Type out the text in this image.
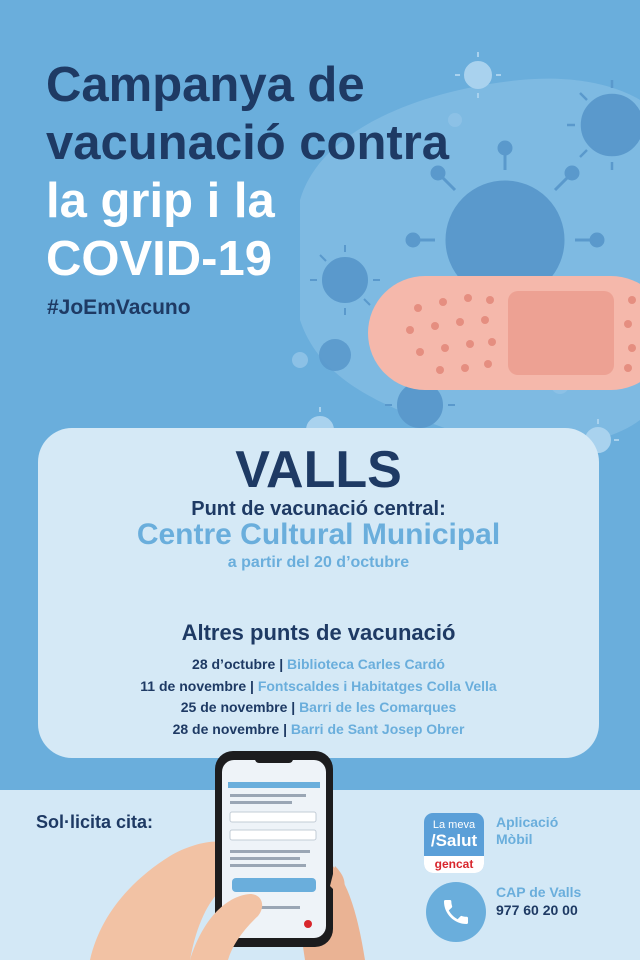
Campanya de
vacunació contra
la grip i la
COVID-19
#JoEmVacuno
VALLS
Punt de vacunació central:
Centre Cultural Municipal
a partir del 20 d’octubre
Altres punts de vacunació
28 d’octubre | Biblioteca Carles Cardó
11 de novembre | Fontscaldes i Habitatges Colla Vella
25 de novembre | Barri de les Comarques
28 de novembre | Barri de Sant Josep Obrer
Sol·licita cita:	La meva
/Salut
gencat
Aplicació
Mòbil
CAP de Valls
977 60 20 00
